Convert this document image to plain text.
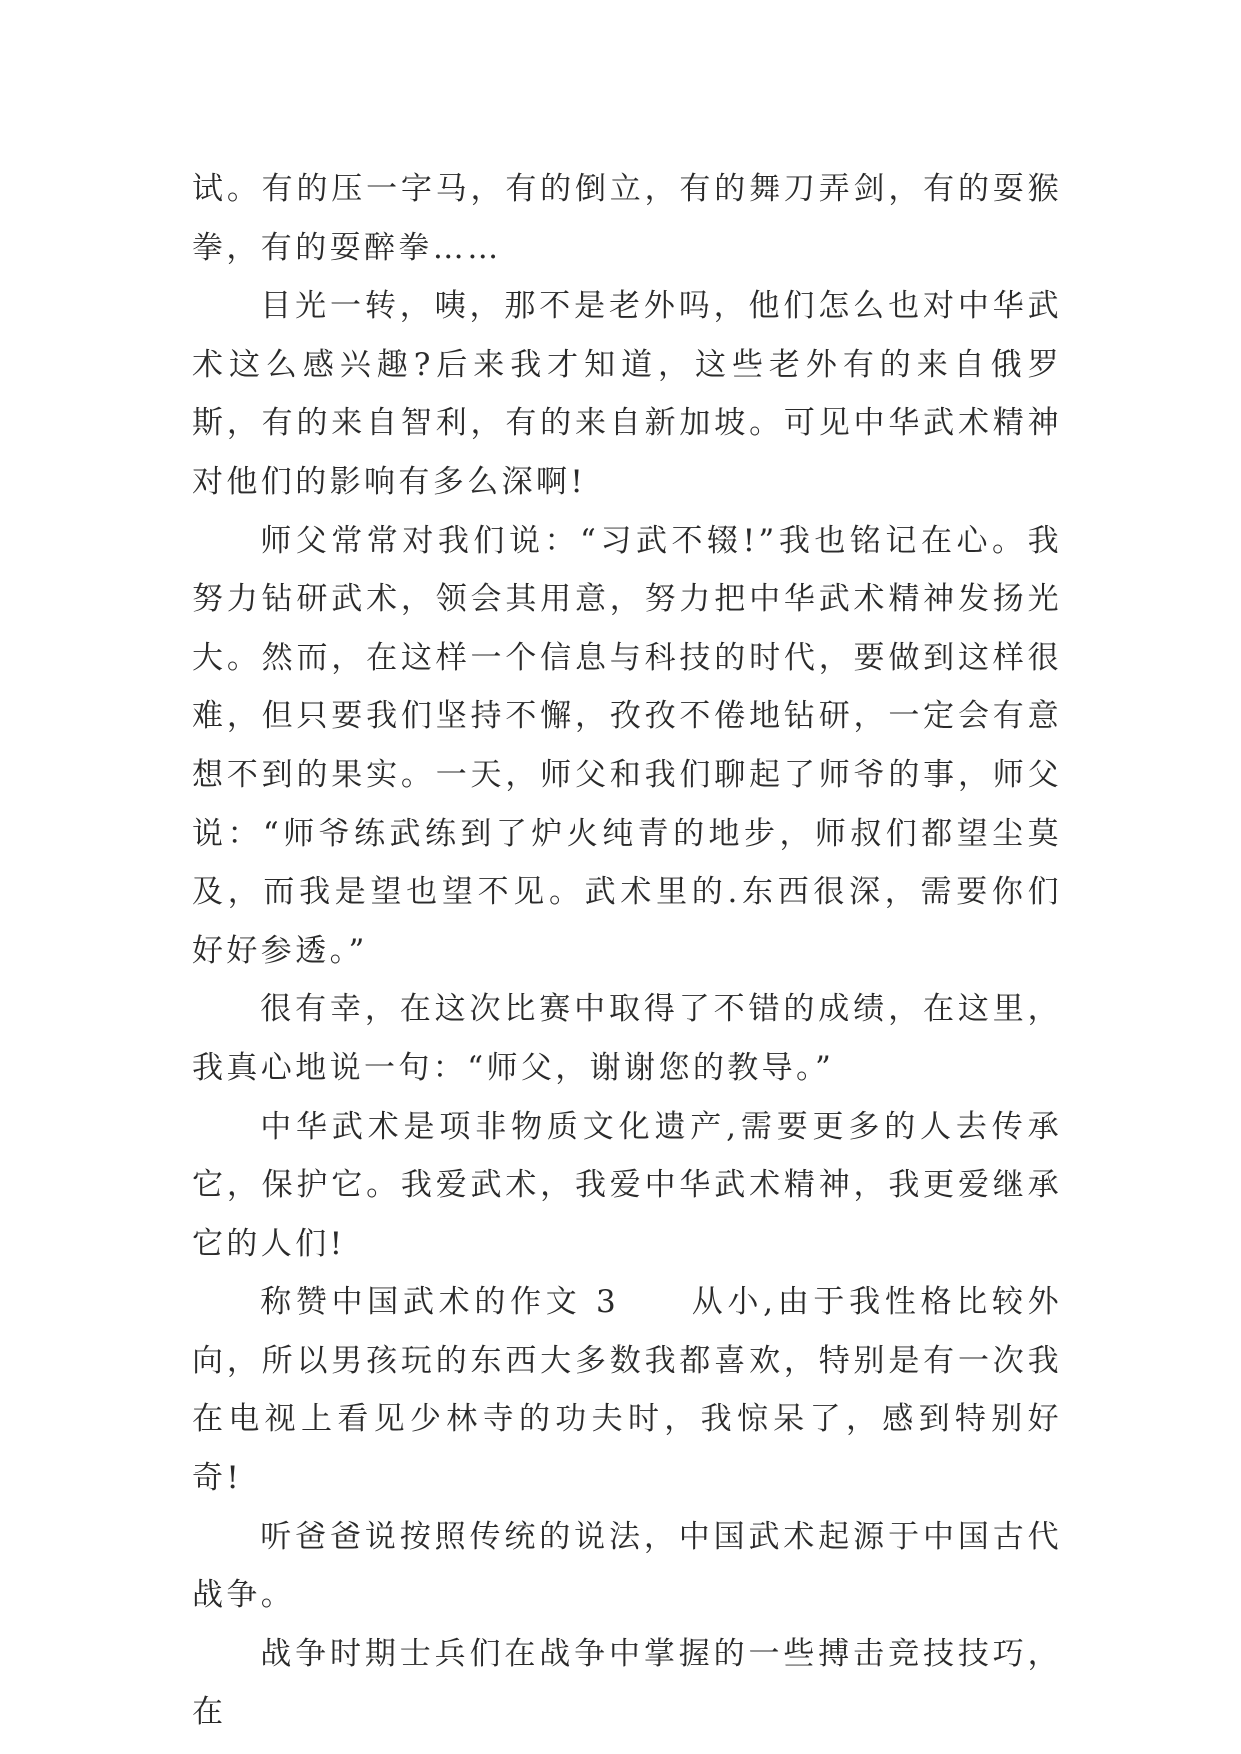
试。有的压一字马，有的倒立，有的舞刀弄剑，有的耍猴拳，有的耍醉拳……

目光一转，咦，那不是老外吗，他们怎么也对中华武术这么感兴趣?后来我才知道，这些老外有的来自俄罗斯，有的来自智利，有的来自新加坡。可见中华武术精神对他们的影响有多么深啊!

师父常常对我们说：“习武不辍!”我也铭记在心。我努力钻研武术，领会其用意，努力把中华武术精神发扬光大。然而，在这样一个信息与科技的时代，要做到这样很难，但只要我们坚持不懈，孜孜不倦地钻研，一定会有意想不到的果实。一天，师父和我们聊起了师爷的事，师父说：“师爷练武练到了炉火纯青的地步，师叔们都望尘莫及，而我是望也望不见。武术里的.东西很深，需要你们好好参透。”

很有幸，在这次比赛中取得了不错的成绩，在这里，我真心地说一句：“师父，谢谢您的教导。”

中华武术是项非物质文化遗产,需要更多的人去传承它，保护它。我爱武术，我爱中华武术精神，我更爱继承它的人们!

称赞中国武术的作文 3　　从小,由于我性格比较外向，所以男孩玩的东西大多数我都喜欢，特别是有一次我在电视上看见少林寺的功夫时，我惊呆了，感到特别好奇!

听爸爸说按照传统的说法，中国武术起源于中国古代战争。

战争时期士兵们在战争中掌握的一些搏击竞技技巧，在
